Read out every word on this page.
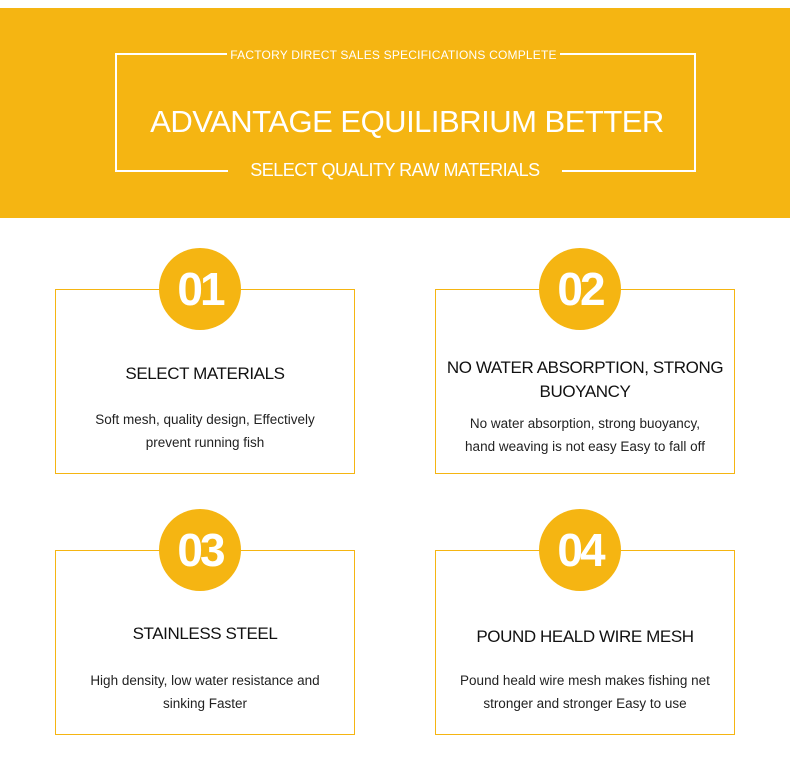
FACTORY DIRECT SALES SPECIFICATIONS COMPLETE
ADVANTAGE EQUILIBRIUM BETTER
SELECT QUALITY RAW MATERIALS
SELECT MATERIALS
Soft mesh, quality design, Effectively
prevent running fish
01
NO WATER ABSORPTION, STRONG
BUOYANCY
No water absorption, strong buoyancy,
hand weaving is not easy Easy to fall off
02
STAINLESS STEEL
High density, low water resistance and
sinking Faster
03
POUND HEALD WIRE MESH
Pound heald wire mesh makes fishing net
stronger and stronger Easy to use
04
